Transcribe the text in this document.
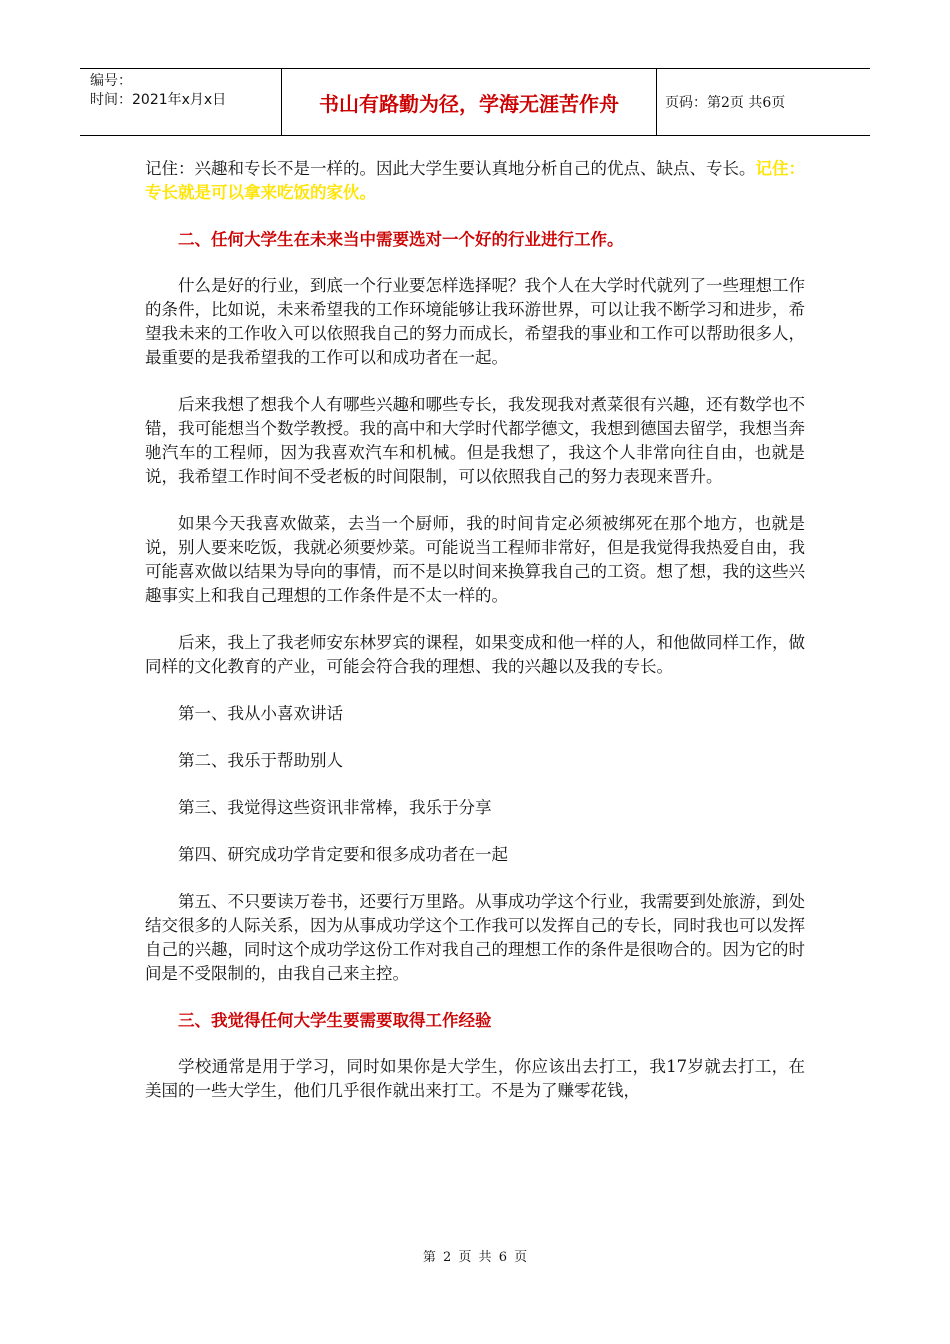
编号：
时间：2021年x月x日	书山有路勤为径，学海无涯苦作舟	页码：第2页 共6页

记住：兴趣和专长不是一样的。因此大学生要认真地分析自己的优点、缺点、专长。记住：专长就是可以拿来吃饭的家伙。

二、任何大学生在未来当中需要选对一个好的行业进行工作。

什么是好的行业，到底一个行业要怎样选择呢？我个人在大学时代就列了一些理想工作的条件，比如说，未来希望我的工作环境能够让我环游世界，可以让我不断学习和进步，希望我未来的工作收入可以依照我自己的努力而成长，希望我的事业和工作可以帮助很多人，最重要的是我希望我的工作可以和成功者在一起。

后来我想了想我个人有哪些兴趣和哪些专长，我发现我对煮菜很有兴趣，还有数学也不错，我可能想当个数学教授。我的高中和大学时代都学德文，我想到德国去留学，我想当奔驰汽车的工程师，因为我喜欢汽车和机械。但是我想了，我这个人非常向往自由，也就是说，我希望工作时间不受老板的时间限制，可以依照我自己的努力表现来晋升。

如果今天我喜欢做菜，去当一个厨师，我的时间肯定必须被绑死在那个地方，也就是说，别人要来吃饭，我就必须要炒菜。可能说当工程师非常好，但是我觉得我热爱自由，我可能喜欢做以结果为导向的事情，而不是以时间来换算我自己的工资。想了想，我的这些兴趣事实上和我自己理想的工作条件是不太一样的。

后来，我上了我老师安东林罗宾的课程，如果变成和他一样的人，和他做同样工作，做同样的文化教育的产业，可能会符合我的理想、我的兴趣以及我的专长。

第一、我从小喜欢讲话

第二、我乐于帮助别人

第三、我觉得这些资讯非常棒，我乐于分享

第四、研究成功学肯定要和很多成功者在一起

第五、不只要读万卷书，还要行万里路。从事成功学这个行业，我需要到处旅游，到处结交很多的人际关系，因为从事成功学这个工作我可以发挥自己的专长，同时我也可以发挥自己的兴趣，同时这个成功学这份工作对我自己的理想工作的条件是很吻合的。因为它的时间是不受限制的，由我自己来主控。

三、我觉得任何大学生要需要取得工作经验

学校通常是用于学习，同时如果你是大学生，你应该出去打工，我17岁就去打工，在美国的一些大学生，他们几乎很作就出来打工。不是为了赚零花钱，

第 2 页 共 6 页
